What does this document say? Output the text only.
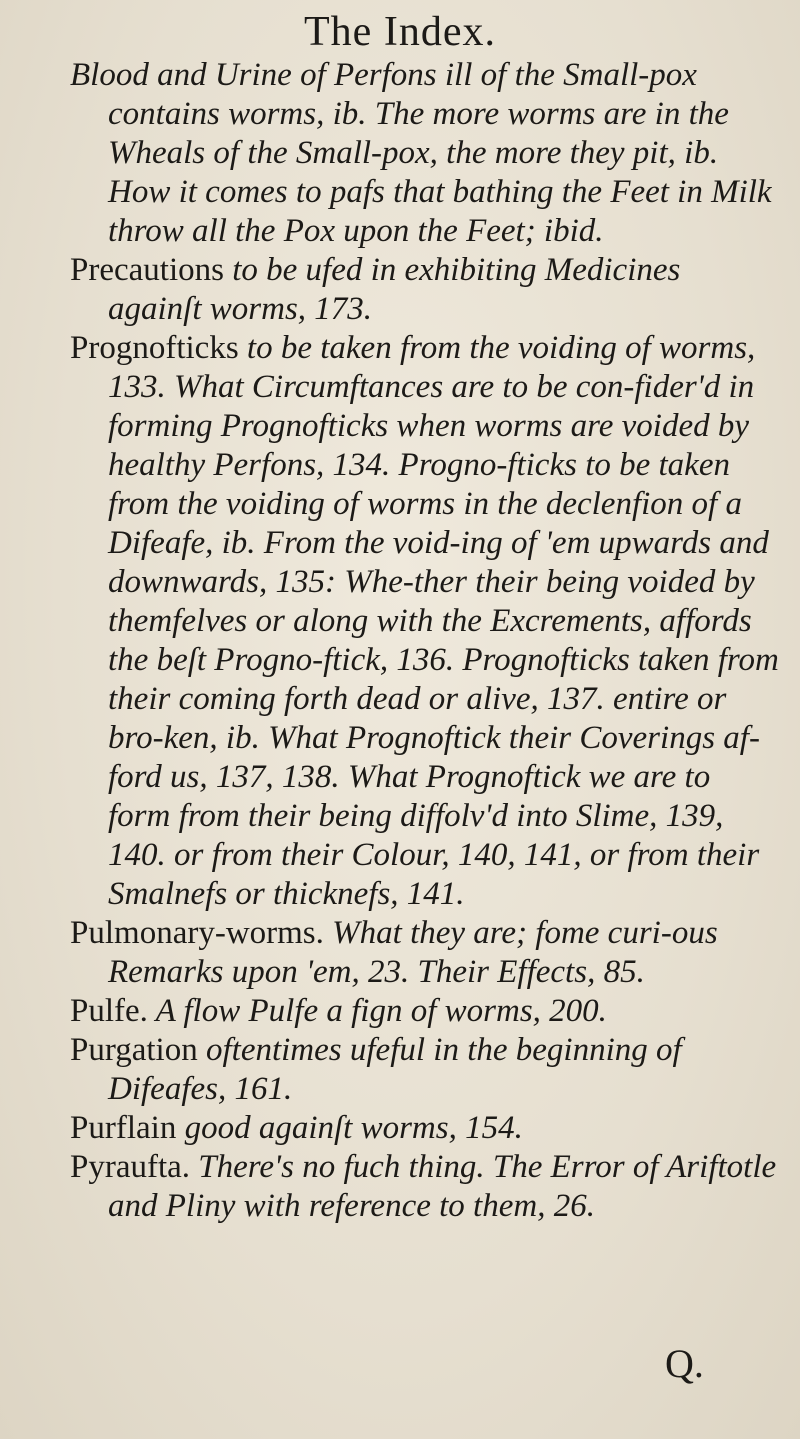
The Index.

Blood and Urine of Perfons ill of the Small-pox contains worms, ib. The more worms are in the Wheals of the Small-pox, the more they pit, ib. How it comes to pafs that bathing the Feet in Milk throw all the Pox upon the Feet; ibid.

Precautions to be ufed in exhibiting Medicines againſt worms, 173.

Prognofticks to be taken from the voiding of worms, 133. What Circumftances are to be con-fider'd in forming Prognofticks when worms are voided by healthy Perfons, 134. Progno-fticks to be taken from the voiding of worms in the declenfion of a Difeafe, ib. From the void-ing of 'em upwards and downwards, 135: Whe-ther their being voided by themfelves or along with the Excrements, affords the beſt Progno-ftick, 136. Prognofticks taken from their coming forth dead or alive, 137. entire or bro-ken, ib. What Prognoftick their Coverings af-ford us, 137, 138. What Prognoftick we are to form from their being diffolv'd into Slime, 139, 140. or from their Colour, 140, 141, or from their Smalnefs or thicknefs, 141.

Pulmonary-worms. What they are; fome curi-ous Remarks upon 'em, 23. Their Effects, 85.

Pulfe. A flow Pulfe a fign of worms, 200.

Purgation oftentimes ufeful in the beginning of Difeafes, 161.

Purflain good againſt worms, 154.

Pyraufta. There's no fuch thing. The Error of Ariftotle and Pliny with reference to them, 26.

Q.
